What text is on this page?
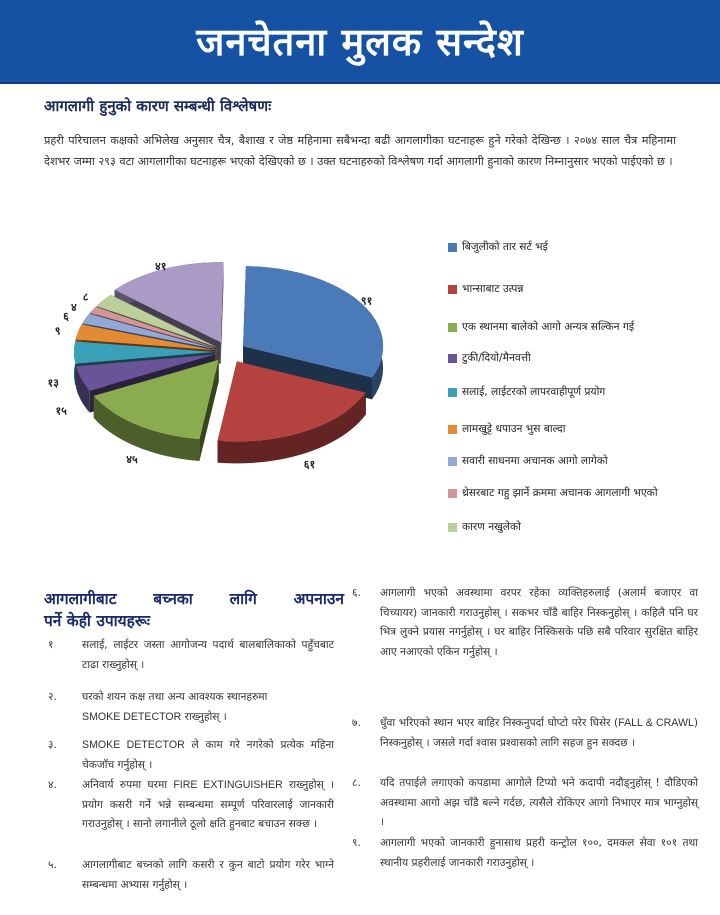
जनचेतना मुलक सन्देश
आगलागी हुनुको कारण सम्बन्धी विश्लेषणः
प्रहरी परिचालन कक्षको अभिलेख अनुसार चैत्र, बैशाख र जेष्ठ महिनामा सबैभन्दा बढी आगलागीका घटनाहरू हुने गरेको देखिन्छ । २०७४ साल चैत्र महिनामा देशभर जम्मा २९३ वटा आगलागीका घटनाहरू भएको देखिएको छ । उक्त घटनाहरुको विश्लेषण गर्दा आगलागी हुनाको कारण निम्नानुसार भएको पाईएको छ ।
९१
६१
४५
१५
१३
९
६
४
८
४१
बिजुलीको तार सर्ट भई
भान्साबाट उत्पन्न
एक स्थानमा बालेको आगो अन्यत्र सल्किन गई
टुकी/दियो/मैनवत्ती
सलाई, लाईटरको लापरवाहीपूर्ण प्रयोग
लामखुट्टे धपाउन भुस बाल्दा
सवारी साधनमा अचानक आगो लागेको
थ्रेसरबाट गहु झार्ने क्रममा अचानक आगलागी भएको
कारण नखुलेको
आगलागीबाट बच्नका लागि अपनाउन
पर्ने केही उपायहरूः
१	सलाई, लाईटर जस्ता आगोजन्य पदार्थ बालबालिकाको पहुँचबाट टाढा राख्नुहोस् ।
२.	घरको शयन कक्ष तथा अन्य आवश्यक स्थानहरुमा
SMOKE DETECTOR राख्नुहोस् ।
३.	SMOKE DETECTOR ले काम गरे नगरेको प्रत्येक महिना चेकजाँच गर्नुहोस् ।
४.	अनिवार्य रुपमा घरमा FIRE EXTINGUISHER राख्नुहोस् । प्रयोग कसरी गर्ने भन्ने सम्बन्धमा सम्पूर्ण परिवारलाई जानकारी गराउनुहोस् । सानो लगानीले ठूलो क्षति हुनबाट बचाउन सक्छ ।
५.	आगलागीबाट बच्नको लागि कसरी र कुन बाटो प्रयोग गरेर भाग्ने सम्बन्धमा अभ्यास गर्नुहोस् ।
६.	आगलागी भएको अवस्थामा वरपर रहेका व्यक्तिहरुलाई (अलार्म बजाएर वा चिच्यायर) जानकारी गराउनुहोस् । सकभर चाँडै बाहिर निस्कनुहोस् । कहिलै पनि घर भित्र लुक्ने प्रयास नगर्नुहोस् । घर बाहिर निस्किसके पछि सबै परिवार सुरक्षित बाहिर आए नआएको एकिन गर्नुहोस् ।
७.	धुँवा भरिएको स्थान भएर बाहिर निस्कनुपर्दा घोप्टो परेर घिसेर (FALL & CRAWL) निस्कनुहोस् । जसले गर्दा श्वास प्रश्वासको लागि सहज हुन सक्दछ ।
८.	यदि तपाईले लगाएको कपडामा आगोले टिप्यो भने कदापी नदौड्नुहोस् ! दौडिएको अवस्थामा आगो अझ चाँडै बल्ने गर्दछ, त्यसैले रोकिएर आगो निभाएर मात्र भाग्नुहोस् ।
९.	आगलागी भएको जानकारी हुनासाथ प्रहरी कन्ट्रोल १००, दमकल सेवा १०१ तथा स्थानीय प्रहरीलाई जानकारी गराउनुहोस् ।
